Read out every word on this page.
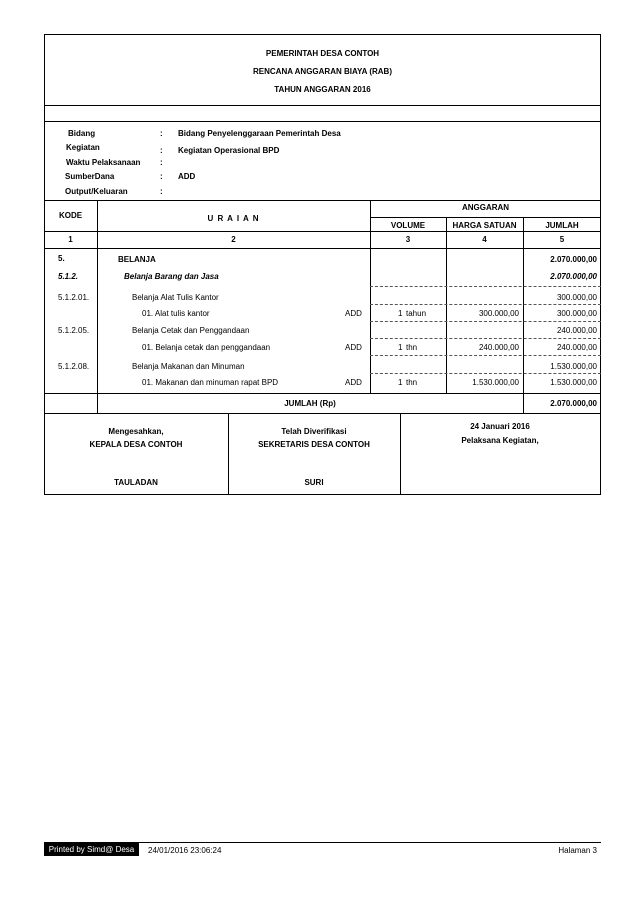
PEMERINTAH DESA CONTOH
RENCANA ANGGARAN BIAYA (RAB)
TAHUN ANGGARAN 2016
Bidang	: Bidang Penyelenggaraan Pemerintah Desa
Kegiatan	: Kegiatan Operasional BPD
Waktu Pelaksanaan :
SumberDana	: ADD
Output/Keluaran	:
KODE	U R A I A N
ANGGARAN
VOLUME	HARGA SATUAN	JUMLAH
1	2	3	4	5
5.	BELANJA	2.070.000,00
5.1.2.	Belanja Barang dan Jasa	2.070.000,00
5.1.2.01.	Belanja Alat Tulis Kantor	300.000,00
01. Alat tulis kantor	ADD	1 tahun	300.000,00	300.000,00
5.1.2.05.	Belanja Cetak dan Penggandaan	240.000,00
01. Belanja cetak dan penggandaan	ADD	1 thn	240.000,00	240.000,00
5.1.2.08.	Belanja Makanan dan Minuman	1.530.000,00
01. Makanan dan minuman rapat BPD	ADD	1 thn	1.530.000,00	1.530.000,00
JUMLAH (Rp)	2.070.000,00
Mengesahkan,
KEPALA DESA CONTOH
TAULADAN
Telah Diverifikasi
SEKRETARIS DESA CONTOH
SURI
24 Januari 2016
Pelaksana Kegiatan,
Printed by Simd@ Desa	24/01/2016 23:06:24	Halaman 3
